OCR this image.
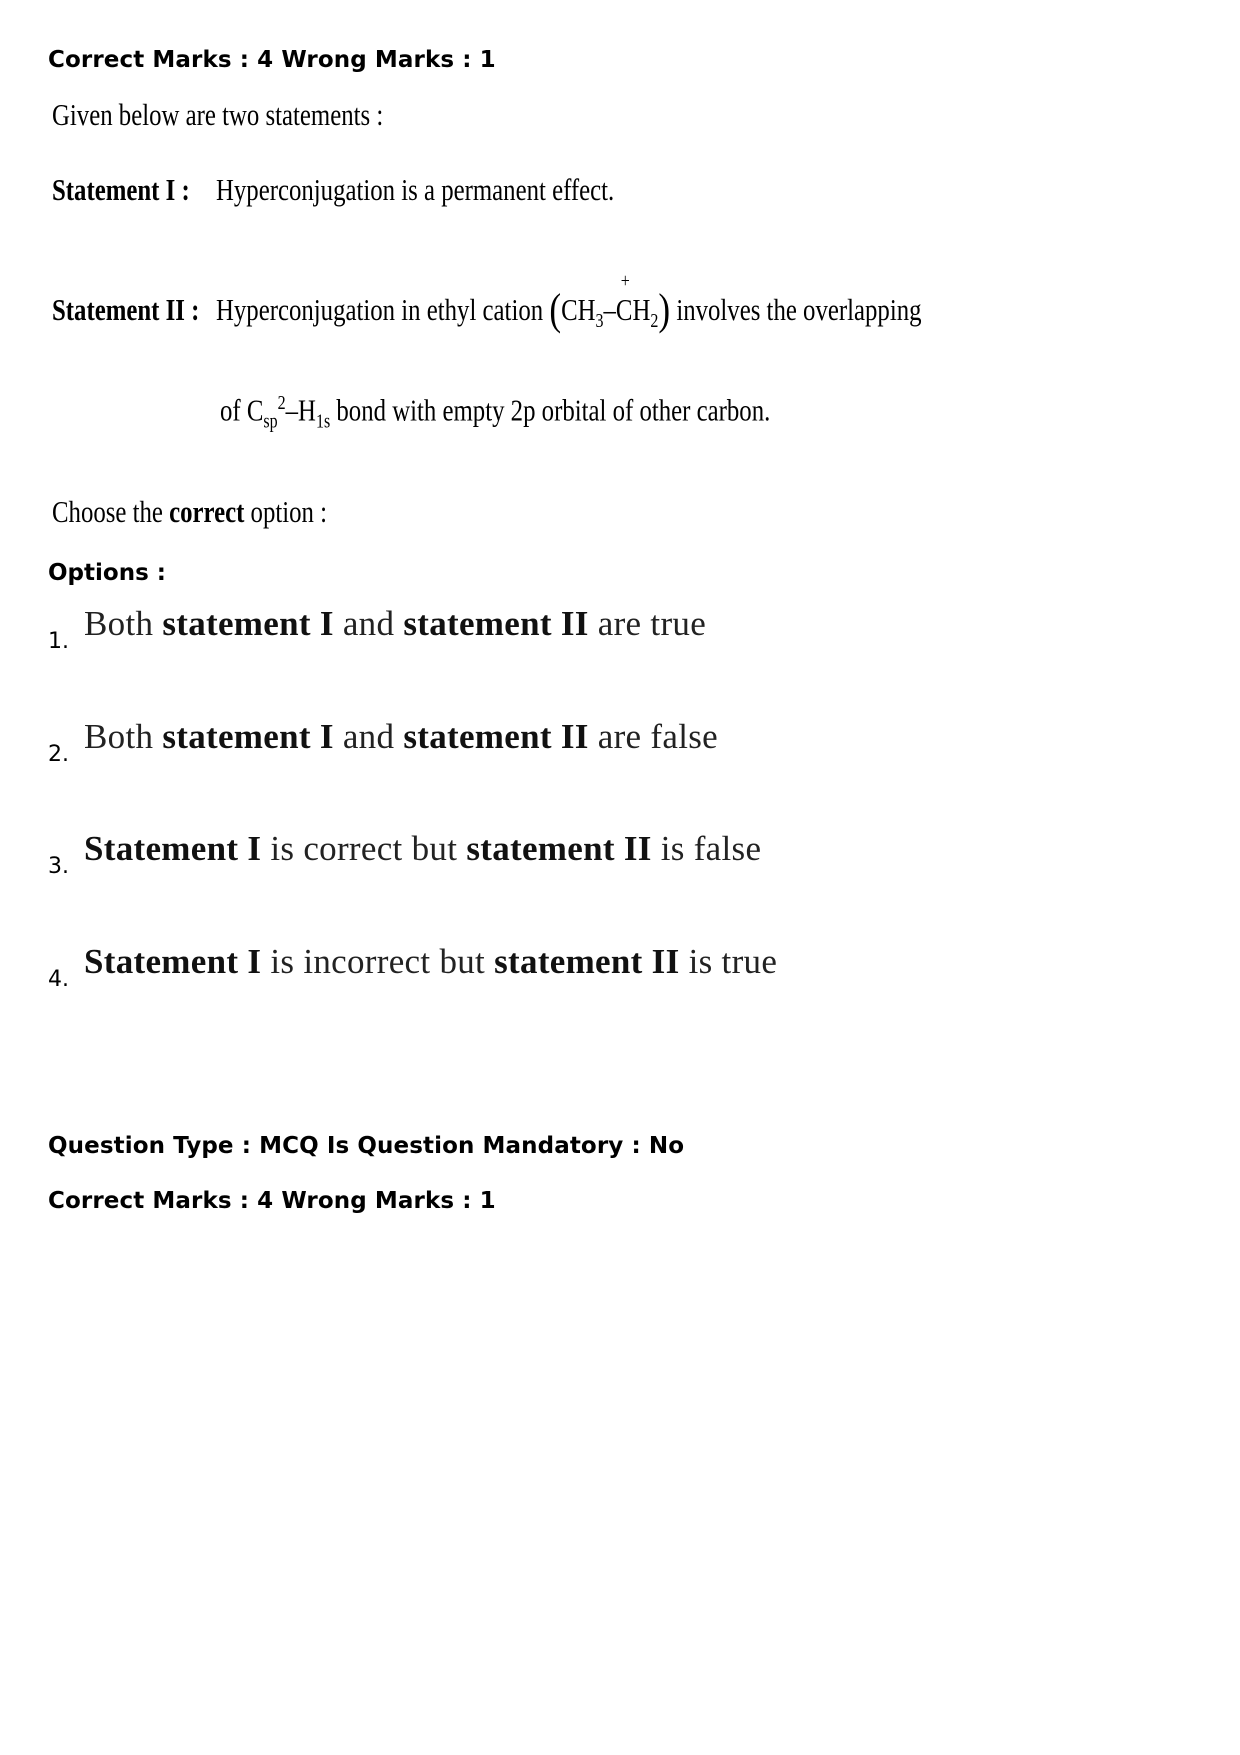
Correct Marks : 4 Wrong Marks : 1
Given below are two statements :
Statement I : Hyperconjugation is a permanent effect.
Statement II : Hyperconjugation in ethyl cation ($CH_3-$
+
$CH_2$) involves the overlapping
of $C_{sp}^2-H_{1s}$ bond with empty 2p orbital of other carbon.
Choose the correct option :
Options :
1. Both statement I and statement II are true
2. Both statement I and statement II are false
3. Statement I is correct but statement II is false
4. Statement I is incorrect but statement II is true
Question Type : MCQ Is Question Mandatory : No
Correct Marks : 4 Wrong Marks : 1
